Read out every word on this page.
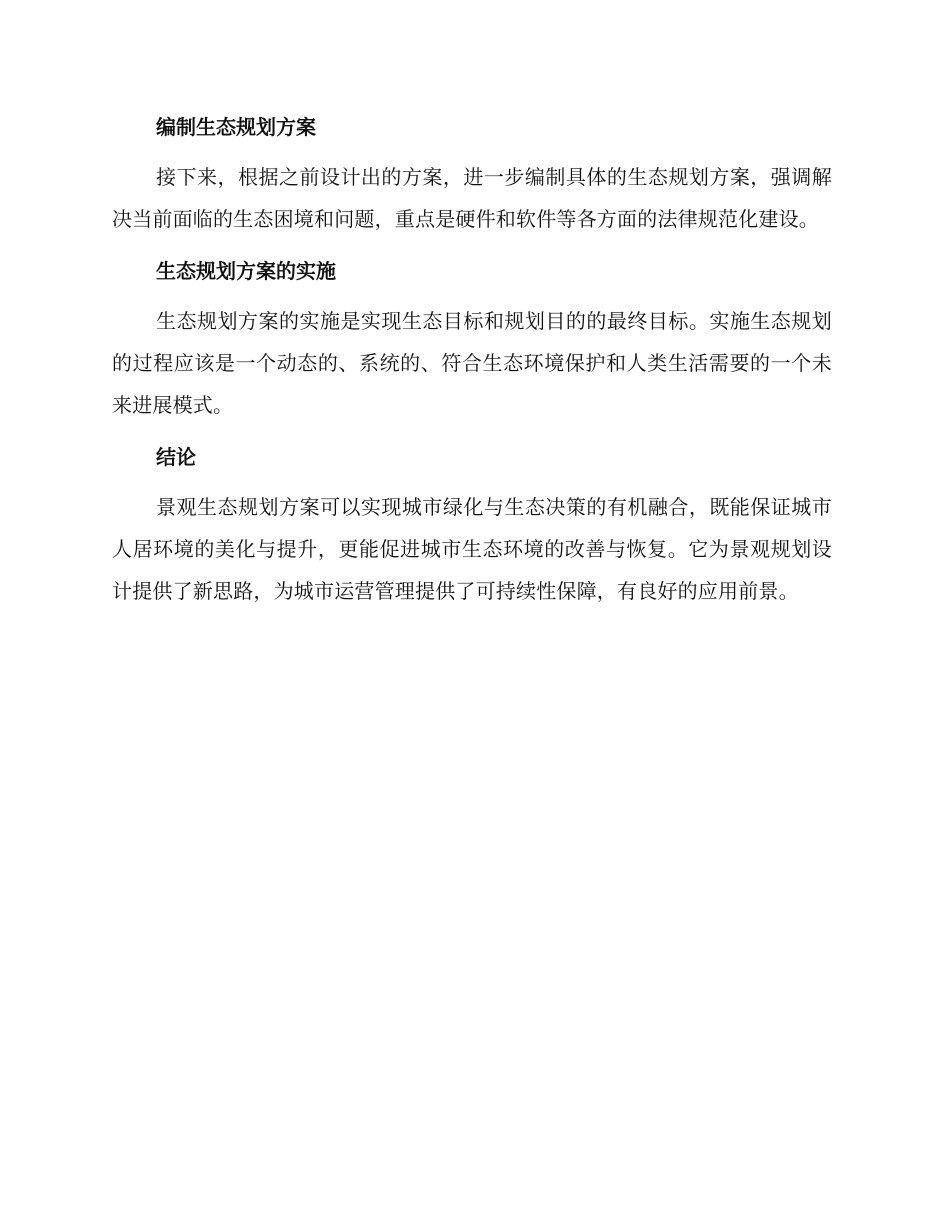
编制生态规划方案

接下来，根据之前设计出的方案，进一步编制具体的生态规划方案，强调解决当前面临的生态困境和问题，重点是硬件和软件等各方面的法律规范化建设。

生态规划方案的实施

生态规划方案的实施是实现生态目标和规划目的的最终目标。实施生态规划的过程应该是一个动态的、系统的、符合生态环境保护和人类生活需要的一个未来进展模式。

结论

景观生态规划方案可以实现城市绿化与生态决策的有机融合，既能保证城市人居环境的美化与提升，更能促进城市生态环境的改善与恢复。它为景观规划设计提供了新思路，为城市运营管理提供了可持续性保障，有良好的应用前景。
